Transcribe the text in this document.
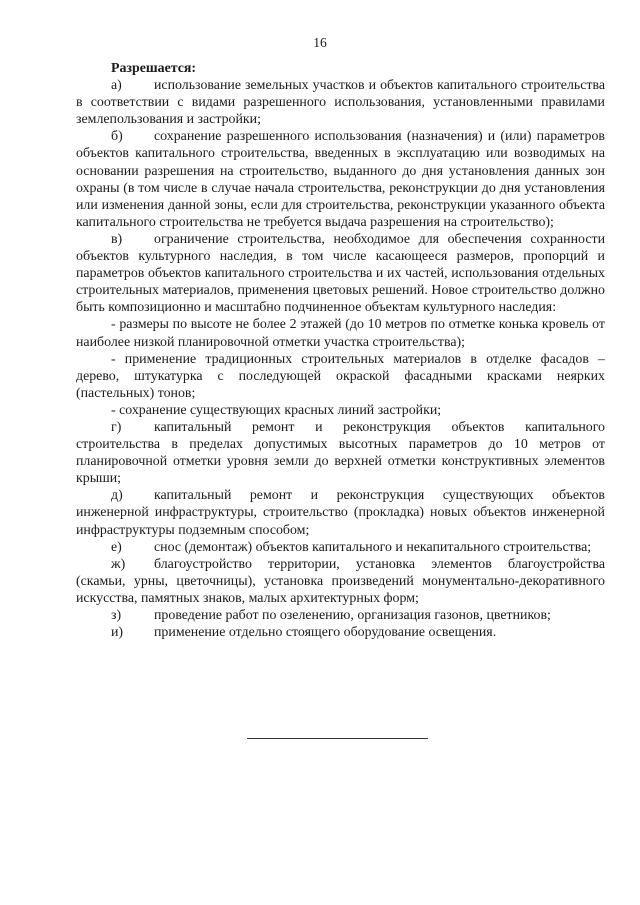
16

Разрешается:

а) использование земельных участков и объектов капитального строительства в соответствии с видами разрешенного использования, установленными правилами землепользования и застройки;

б) сохранение разрешенного использования (назначения) и (или) параметров объектов капитального строительства, введенных в эксплуатацию или возводимых на основании разрешения на строительство, выданного до дня установления данных зон охраны (в том числе в случае начала строительства, реконструкции до дня установления или изменения данной зоны, если для строительства, реконструкции указанного объекта капитального строительства не требуется выдача разрешения на строительство);

в) ограничение строительства, необходимое для обеспечения сохранности объектов культурного наследия, в том числе касающееся размеров, пропорций и параметров объектов капитального строительства и их частей, использования отдельных строительных материалов, применения цветовых решений. Новое строительство должно быть композиционно и масштабно подчиненное объектам культурного наследия:

- размеры по высоте не более 2 этажей (до 10 метров по отметке конька кровель от наиболее низкой планировочной отметки участка строительства);

- применение традиционных строительных материалов в отделке фасадов – дерево, штукатурка с последующей окраской фасадными красками неярких (пастельных) тонов;

- сохранение существующих красных линий застройки;

г) капитальный ремонт и реконструкция объектов капитального строительства в пределах допустимых высотных параметров до 10 метров от планировочной отметки уровня земли до верхней отметки конструктивных элементов крыши;

д) капитальный ремонт и реконструкция существующих объектов инженерной инфраструктуры, строительство (прокладка) новых объектов инженерной инфраструктуры подземным способом;

е) снос (демонтаж) объектов капитального и некапитального строительства;

ж) благоустройство территории, установка элементов благоустройства (скамьи, урны, цветочницы), установка произведений монументально-декоративного искусства, памятных знаков, малых архитектурных форм;

з) проведение работ по озеленению, организация газонов, цветников;

и) применение отдельно стоящего оборудование освещения.
